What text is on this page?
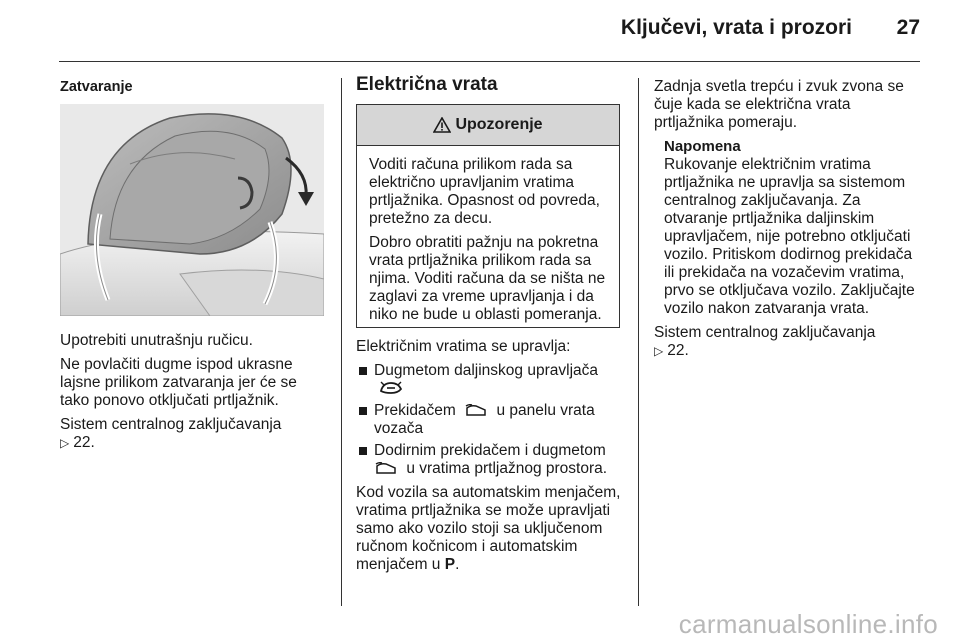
Ključevi, vrata i prozori 27

Zatvaranje

Upotrebiti unutrašnju ručicu.

Ne povlačiti dugme ispod ukrasne lajsne prilikom zatvaranja jer će se tako ponovo otključati prtljažnik.

Sistem centralnog zaključavanja
▷ 22.

Električna vrata

Upozorenje

Voditi računa prilikom rada sa električno upravljanim vratima prtljažnika. Opasnost od povreda, pretežno za decu.

Dobro obratiti pažnju na pokretna vrata prtljažnika prilikom rada sa njima. Voditi računa da se ništa ne zaglavi za vreme upravljanja i da niko ne bude u oblasti pomeranja.

Električnim vratima se upravlja:

Dugmetom daljinskog upravljača

Prekidačem	u panelu vrata vozača
Dodirnim prekidačem i dugmetom
u vratima prtljažnog prostora.

Kod vozila sa automatskim menjačem, vratima prtljažnika se može upravljati samo ako vozilo stoji sa uključenom ručnom kočnicom i automatskim menjačem u P.

Zadnja svetla trepću i zvuk zvona se čuje kada se električna vrata prtljažnika pomeraju.

Napomena

Rukovanje električnim vratima prtljažnika ne upravlja sa sistemom centralnog zaključavanja. Za otvaranje prtljažnika daljinskim upravljačem, nije potrebno otključati vozilo. Pritiskom dodirnog prekidača ili prekidača na vozačevim vratima, prvo se otključava vozilo. Zaključajte vozilo nakon zatvaranja vrata.

Sistem centralnog zaključavanja
▷ 22.

carmanualsonline.info
